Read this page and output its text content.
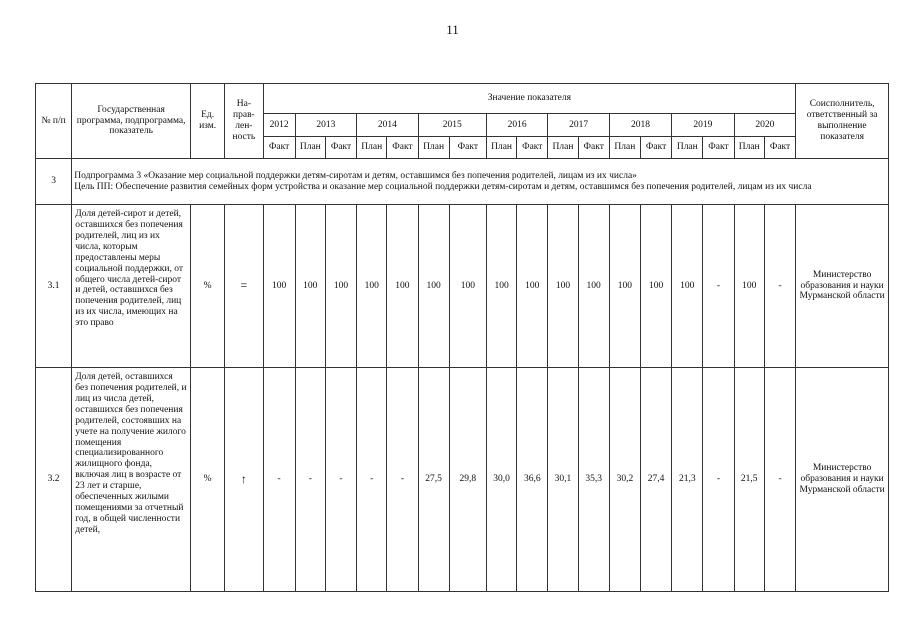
11
№ п/п	Государственная программа, подпрограмма, показатель	Ед. изм.	На-прав-лен-ность	Значение показателя																	Соисполнитель, ответственный за выполнение показателя
				2012	2013		2014		2015		2016		2017		2018		2019		2020		
				Факт	План	Факт	План	Факт	План	Факт	План	Факт	План	Факт	План	Факт	План	Факт	План	Факт	
3	Подпрограмма 3 «Оказание мер социальной поддержки детям-сиротам и детям, оставшимся без попечения родителей, лицам из их числа»
Цель ПП: Обеспечение развития семейных форм устройства и оказание мер социальной поддержки детям-сиротам и детям, оставшимся без попечения родителей, лицам из их числа																				

3.1	Доля детей-сирот и детей, оставшихся без попечения родителей, лиц из их числа, которым предоставлены меры социальной поддержки, от общего числа детей-сирот и детей, оставшихся без попечения родителей, лиц из их числа, имеющих на это право	%	=	100	100	100	100	100	100	100	100	100	100	100	100	100	100	-	100	-	Министерство образования и науки Мурманской области
3.2	Доля детей, оставшихся без попечения родителей, и лиц из числа детей, оставшихся без попечения родителей, состоявших на учете на получение жилого помещения специализированного жилищного фонда, включая лиц в возрасте от 23 лет и старше, обеспеченных жилыми помещениями за отчетный год, в общей численности детей,	%	↑	-	-	-	-	-	27,5	29,8	30,0	36,6	30,1	35,3	30,2	27,4	21,3	-	21,5	-	Министерство образования и науки Мурманской области
